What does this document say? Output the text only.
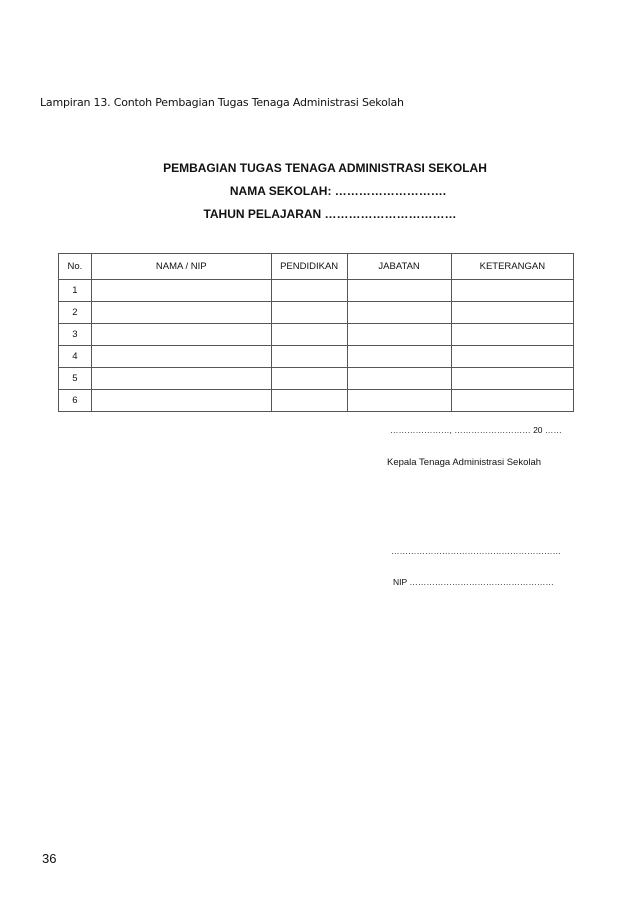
Lampiran 13. Contoh Pembagian Tugas Tenaga Administrasi Sekolah
PEMBAGIAN TUGAS TENAGA ADMINISTRASI SEKOLAH
NAMA SEKOLAH: ……………………….
TAHUN PELAJARAN ……………………………
No.	NAMA / NIP	PENDIDIKAN	JABATAN	KETERANGAN
1				
2				
3				
4				
5				
6				
…………………, ……………………… 20 ……
Kepala Tenaga Administrasi Sekolah
……………………………………………………
NIP ……………………………………………
36
